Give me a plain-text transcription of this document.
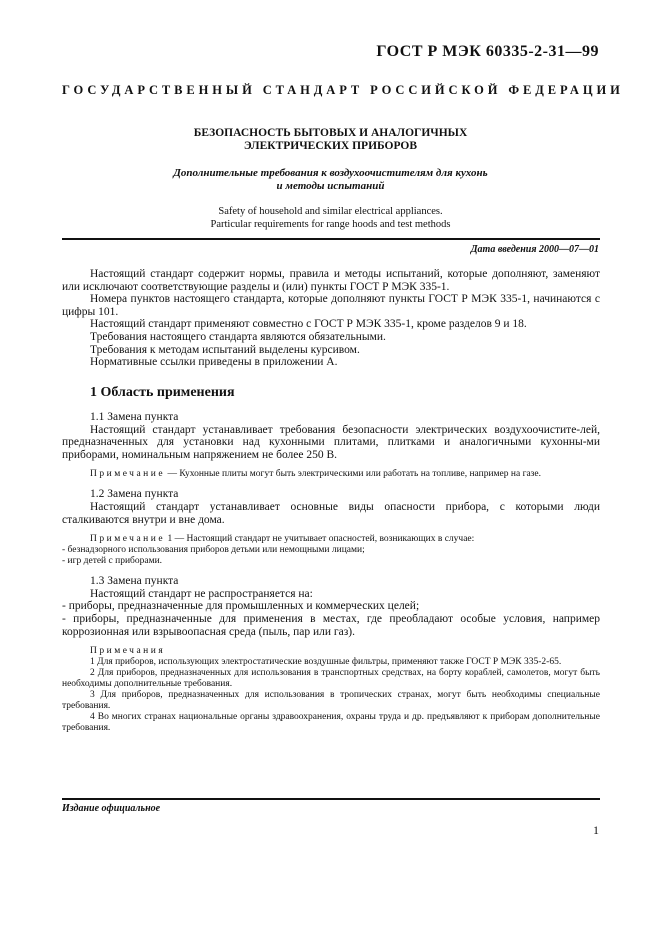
ГОСТ Р МЭК 60335-2-31—99
ГОСУДАРСТВЕННЫЙ СТАНДАРТ РОССИЙСКОЙ ФЕДЕРАЦИИ
БЕЗОПАСНОСТЬ БЫТОВЫХ И АНАЛОГИЧНЫХ
ЭЛЕКТРИЧЕСКИХ ПРИБОРОВ
Дополнительные требования к воздухоочистителям для кухонь
и методы испытаний
Safety of household and similar electrical appliances.
Particular requirements for range hoods and test methods
Дата введения 2000—07—01

Настоящий стандарт содержит нормы, правила и методы испытаний, которые дополняют, заменяют или исключают соответствующие разделы и (или) пункты ГОСТ Р МЭК 335-1.

Номера пунктов настоящего стандарта, которые дополняют пункты ГОСТ Р МЭК 335-1, начинаются с цифры 101.

Настоящий стандарт применяют совместно с ГОСТ Р МЭК 335-1, кроме разделов 9 и 18.

Требования настоящего стандарта являются обязательными.

Требования к методам испытаний выделены курсивом.

Нормативные ссылки приведены в приложении А.

1 Область применения

1.1 Замена пункта

Настоящий стандарт устанавливает требования безопасности электрических воздухоочистите-лей, предназначенных для установки над кухонными плитами, плитками и аналогичными кухонны-ми приборами, номинальным напряжением не более 250 В.

Примечание — Кухонные плиты могут быть электрическими или работать на топливе, например на газе.

1.2 Замена пункта

Настоящий стандарт устанавливает основные виды опасности прибора, с которыми люди сталкиваются внутри и вне дома.

Примечание 1 — Настоящий стандарт не учитывает опасностей, возникающих в случае:

- безнадзорного использования приборов детьми или немощными лицами;

- игр детей с приборами.

1.3 Замена пункта

Настоящий стандарт не распространяется на:

- приборы, предназначенные для промышленных и коммерческих целей;

- приборы, предназначенные для применения в местах, где преобладают особые условия, например коррозионная или взрывоопасная среда (пыль, пар или газ).

Примечания

1 Для приборов, использующих электростатические воздушные фильтры, применяют также ГОСТ Р МЭК 335-2-65.

2 Для приборов, предназначенных для использования в транспортных средствах, на борту кораблей, самолетов, могут быть необходимы дополнительные требования.

3 Для приборов, предназначенных для использования в тропических странах, могут быть необходимы специальные требования.

4 Во многих странах национальные органы здравоохранения, охраны труда и др. предъявляют к приборам дополнительные требования.

Издание официальное
1
